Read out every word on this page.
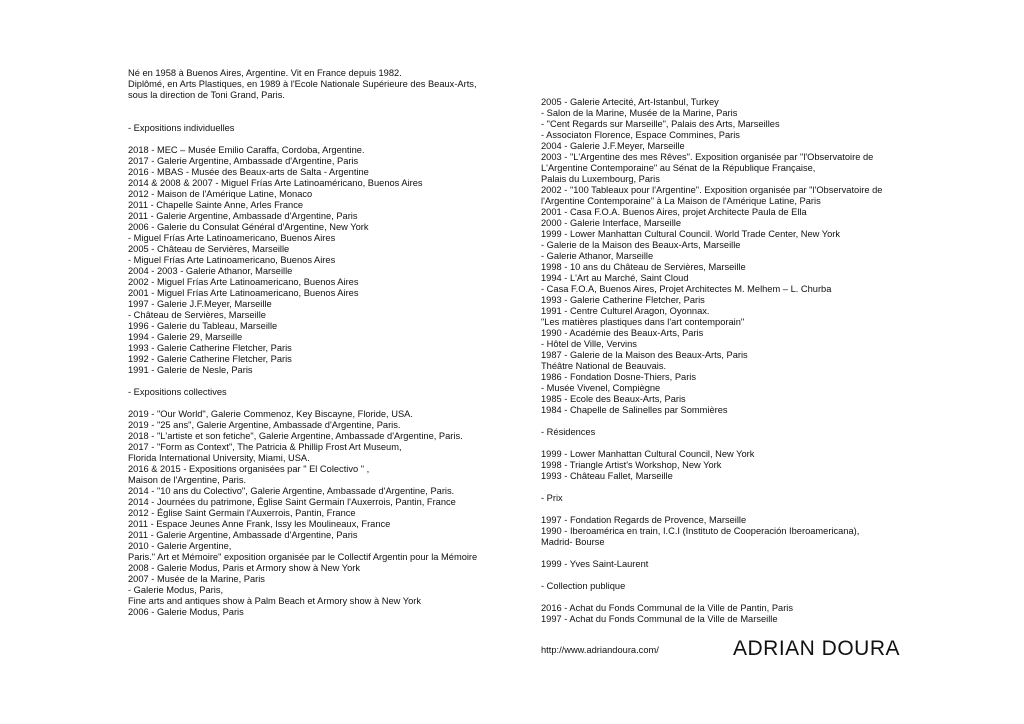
Né en 1958 à Buenos Aires, Argentine. Vit en France depuis 1982.
Diplômé, en Arts Plastiques, en 1989 à l'Ecole Nationale Supérieure des Beaux-Arts,
sous la direction de Toni Grand, Paris.
- Expositions individuelles
2018 - MEC – Musée Emilio Caraffa, Cordoba, Argentine.
2017 - Galerie Argentine, Ambassade d'Argentine, Paris
2016 - MBAS - Musée des Beaux-arts de Salta - Argentine
2014 & 2008 & 2007 - Miguel Frías Arte Latinoaméricano, Buenos Aires
2012 - Maison de l'Amérique Latine, Monaco
2011 - Chapelle Sainte Anne, Arles France
2011 - Galerie Argentine, Ambassade d'Argentine, Paris
2006 - Galerie du Consulat Général d'Argentine, New York
- Miguel Frías Arte Latinoamericano, Buenos Aires
2005 - Château de Servières, Marseille
- Miguel Frías Arte Latinoamericano, Buenos Aires
2004 - 2003 - Galerie Athanor, Marseille
2002 - Miguel Frías Arte Latinoamericano, Buenos Aires
2001 - Miguel Frías Arte Latinoamericano, Buenos Aires
1997 - Galerie J.F.Meyer, Marseille
- Château de Servières, Marseille
1996 - Galerie du Tableau, Marseille
1994 - Galerie 29, Marseille
1993 - Galerie Catherine Fletcher, Paris
1992 - Galerie Catherine Fletcher, Paris
1991 - Galerie de Nesle, Paris
- Expositions collectives
2019 - "Our World", Galerie Commenoz, Key Biscayne, Floride, USA.
2019 - "25 ans", Galerie Argentine, Ambassade d'Argentine, Paris.
2018 - "L'artiste et son fetiche", Galerie Argentine, Ambassade d'Argentine, Paris.
2017 - "Form as Context", The Patricia & Phillip Frost Art Museum,
Florida International University, Miami, USA.
2016 & 2015 - Expositions organisées par " El Colectivo " ,
Maison de l'Argentine, Paris.
2014 - "10 ans du Colectivo", Galerie Argentine, Ambassade d'Argentine, Paris.
2014 - Journées du patrimone, Église Saint Germain l'Auxerrois, Pantin, France
2012 - Église Saint Germain l'Auxerrois, Pantin, France
2011 - Espace Jeunes Anne Frank, Issy les Moulineaux, France
2011 - Galerie Argentine, Ambassade d'Argentine, Paris
2010 - Galerie Argentine,
Paris." Art et Mémoire" exposition organisée par le Collectif Argentin pour la Mémoire
2008 - Galerie Modus, Paris et Armory show à New York
2007 - Musée de la Marine, Paris
- Galerie Modus, Paris,
Fine arts and antiques show à Palm Beach et Armory show à New York
2006 - Galerie Modus, Paris
2005 - Galerie Artecité, Art-Istanbul, Turkey
- Salon de la Marine, Musée de la Marine, Paris
- "Cent Regards sur Marseille", Palais des Arts, Marseilles
- Associaton Florence, Espace Commines, Paris
2004 - Galerie J.F.Meyer, Marseille
2003 - "L'Argentine des mes Rêves". Exposition organisée par "l'Observatoire de
L'Argentine Contemporaine" au Sénat de la République Française,
Palais du Luxembourg, Paris
2002 - "100 Tableaux pour l'Argentine". Exposition organisée par "l'Observatoire de
l'Argentine Contemporaine" à La Maison de l'Amérique Latine, Paris
2001 - Casa F.O.A. Buenos Aires, projet Architecte Paula de Ella
2000 - Galerie Interface, Marseille
1999 - Lower Manhattan Cultural Council. World Trade Center, New York
- Galerie de la Maison des Beaux-Arts, Marseille
- Galerie Athanor, Marseille
1998 - 10 ans du Château de Servières, Marseille
1994 - L'Art au Marché, Saint Cloud
- Casa F.O.A, Buenos Aires, Projet Architectes M. Melhem – L. Churba
1993 - Galerie Catherine Fletcher, Paris
1991 - Centre Culturel Aragon, Oyonnax.
"Les matières plastiques dans l'art contemporain"
1990 - Académie des Beaux-Arts, Paris
- Hôtel de Ville, Vervins
1987 - Galerie de la Maison des Beaux-Arts, Paris
Théâtre National de Beauvais.
1986 - Fondation Dosne-Thiers, Paris
- Musée Vivenel, Compiègne
1985 - Ecole des Beaux-Arts, Paris
1984 - Chapelle de Salinelles par Sommières
- Résidences
1999 - Lower Manhattan Cultural Council, New York
1998 - Triangle Artist's Workshop, New York
1993 - Château Fallet, Marseille
- Prix
1997 - Fondation Regards de Provence, Marseille
1990 - Iberoamérica en train, I.C.I (Instituto de Cooperación Iberoamericana),
Madrid- Bourse
1999 - Yves Saint-Laurent
- Collection publique
2016 - Achat du Fonds Communal de la Ville de Pantin, Paris
1997 - Achat du Fonds Communal de la Ville de Marseille
http://www.adriandoura.com/	ADRIAN DOURA
